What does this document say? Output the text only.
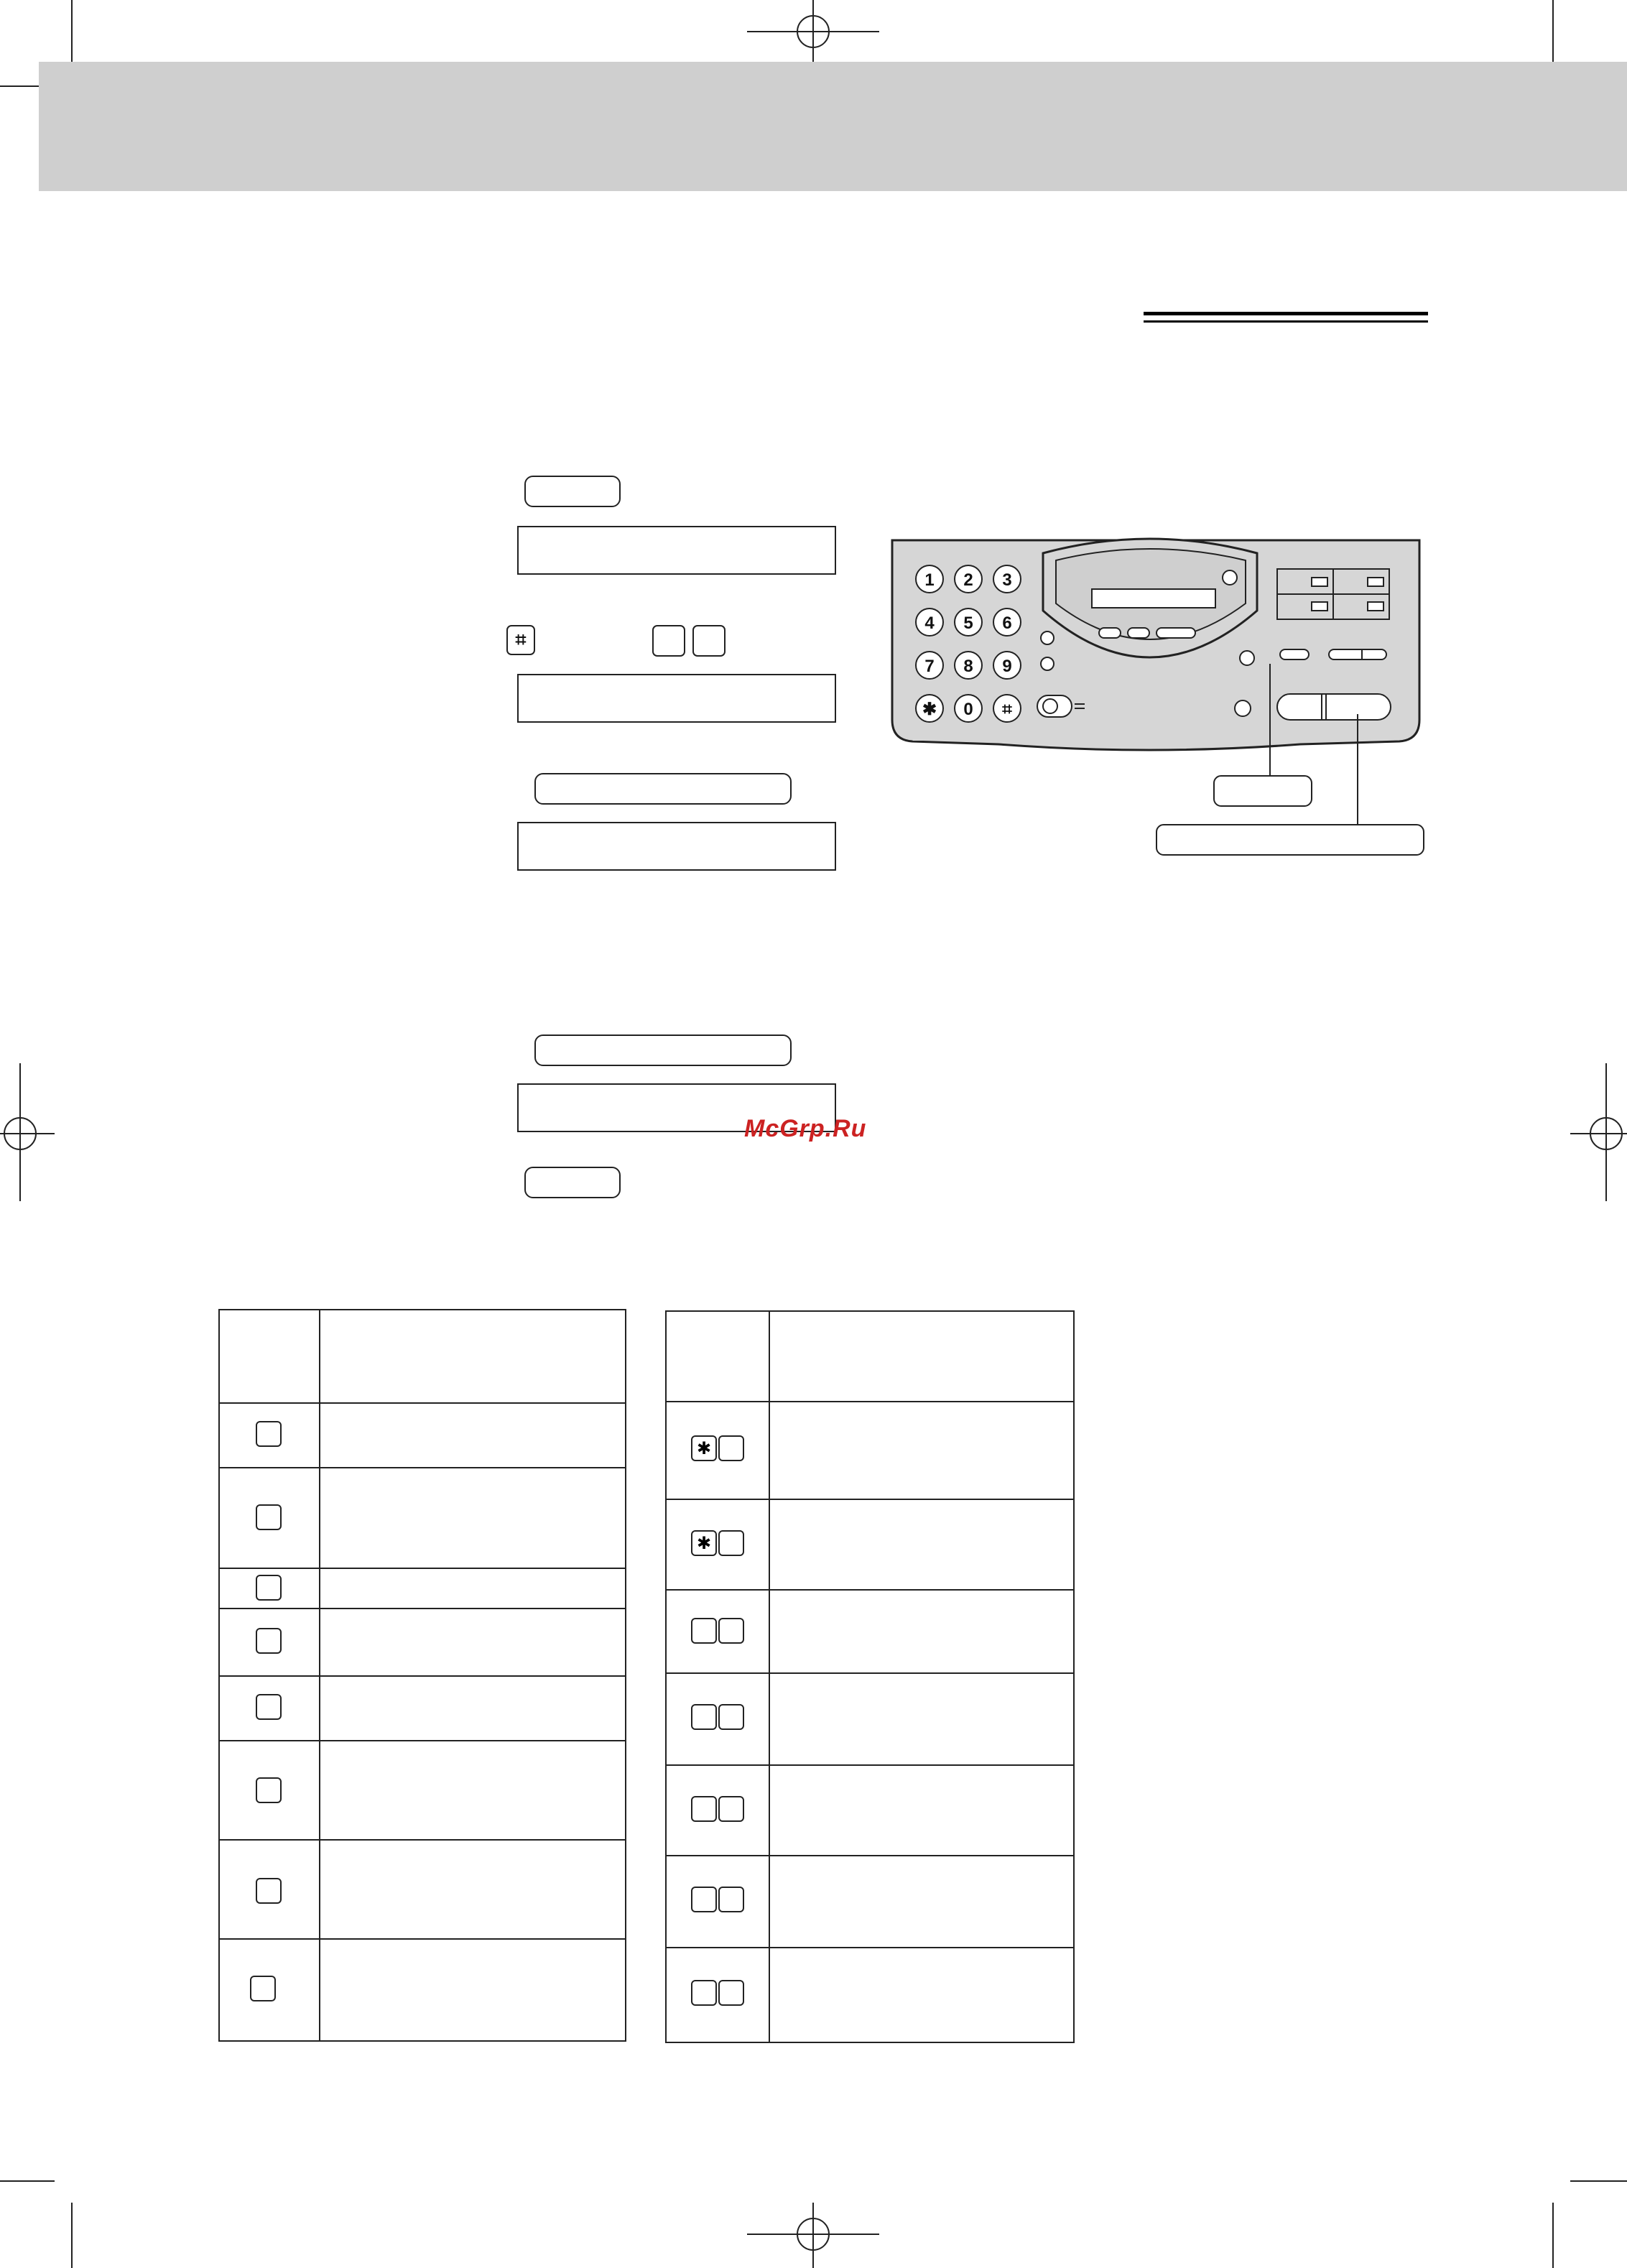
⌗
McGrp.Ru
1 2 3
4 5 6
7 8 9
✱ 0 ⌗
✱
✱
